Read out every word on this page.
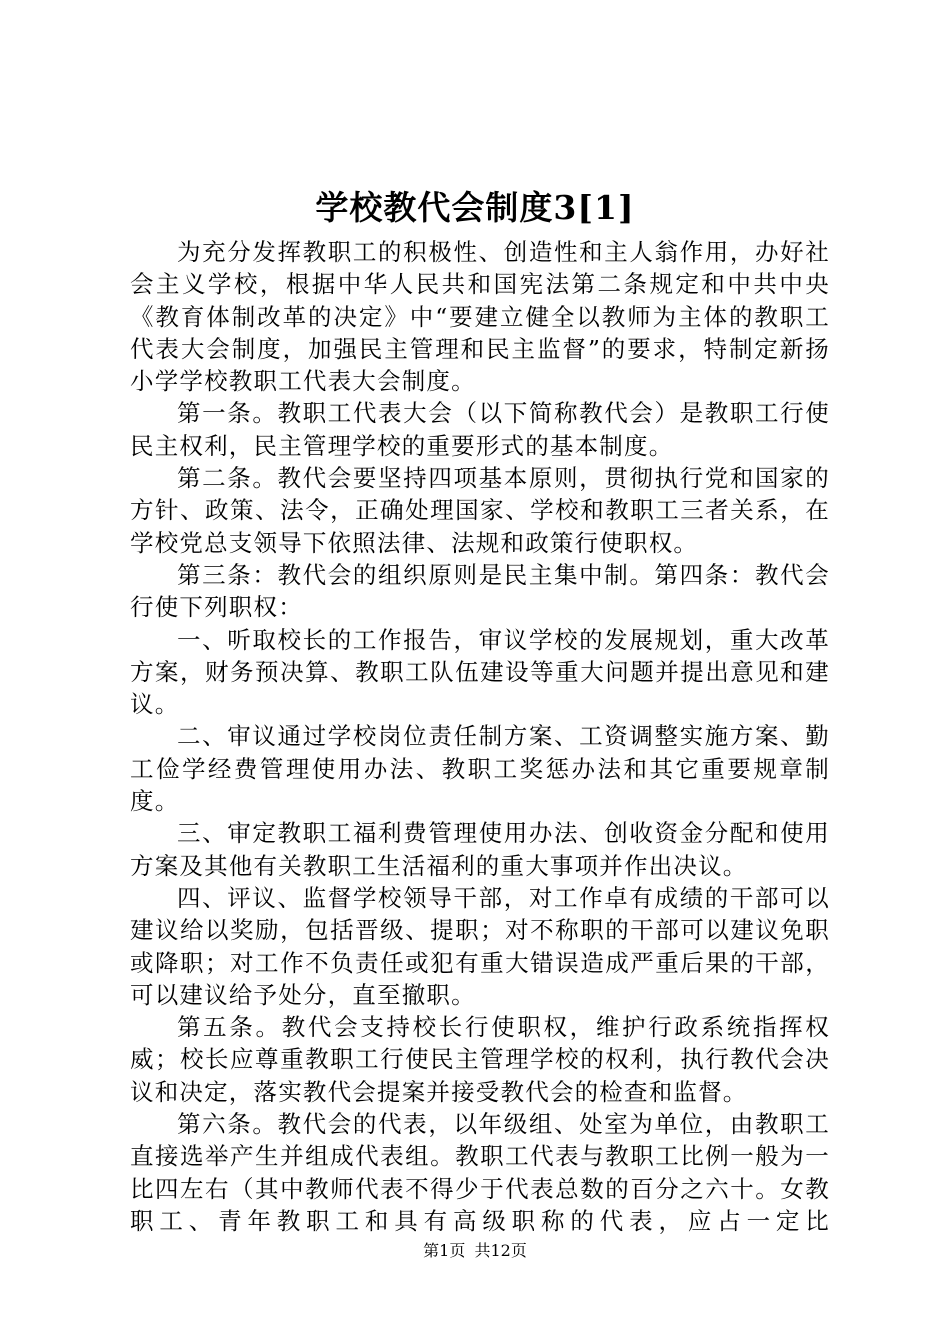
学校教代会制度3[1]

为充分发挥教职工的积极性、创造性和主人翁作用，办好社会主义学校，根据中华人民共和国宪法第二条规定和中共中央《教育体制改革的决定》中“要建立健全以教师为主体的教职工代表大会制度，加强民主管理和民主监督”的要求，特制定新扬小学学校教职工代表大会制度。

第一条。教职工代表大会（以下简称教代会）是教职工行使民主权利，民主管理学校的重要形式的基本制度。

第二条。教代会要坚持四项基本原则，贯彻执行党和国家的方针、政策、法令，正确处理国家、学校和教职工三者关系，在学校党总支领导下依照法律、法规和政策行使职权。

第三条：教代会的组织原则是民主集中制。第四条：教代会行使下列职权：

一、听取校长的工作报告，审议学校的发展规划，重大改革方案，财务预决算、教职工队伍建设等重大问题并提出意见和建议。

二、审议通过学校岗位责任制方案、工资调整实施方案、勤工俭学经费管理使用办法、教职工奖惩办法和其它重要规章制度。

三、审定教职工福利费管理使用办法、创收资金分配和使用方案及其他有关教职工生活福利的重大事项并作出决议。

四、评议、监督学校领导干部，对工作卓有成绩的干部可以建议给以奖励，包括晋级、提职；对不称职的干部可以建议免职或降职；对工作不负责任或犯有重大错误造成严重后果的干部，可以建议给予处分，直至撤职。

第五条。教代会支持校长行使职权，维护行政系统指挥权威；校长应尊重教职工行使民主管理学校的权利，执行教代会决议和决定，落实教代会提案并接受教代会的检查和监督。

第六条。教代会的代表，以年级组、处室为单位，由教职工直接选举产生并组成代表组。教职工代表与教职工比例一般为一比四左右（其中教师代表不得少于代表总数的百分之六十。女教职工、青年教职工和具有高级职称的代表，应占一定比

第1页 共12页
